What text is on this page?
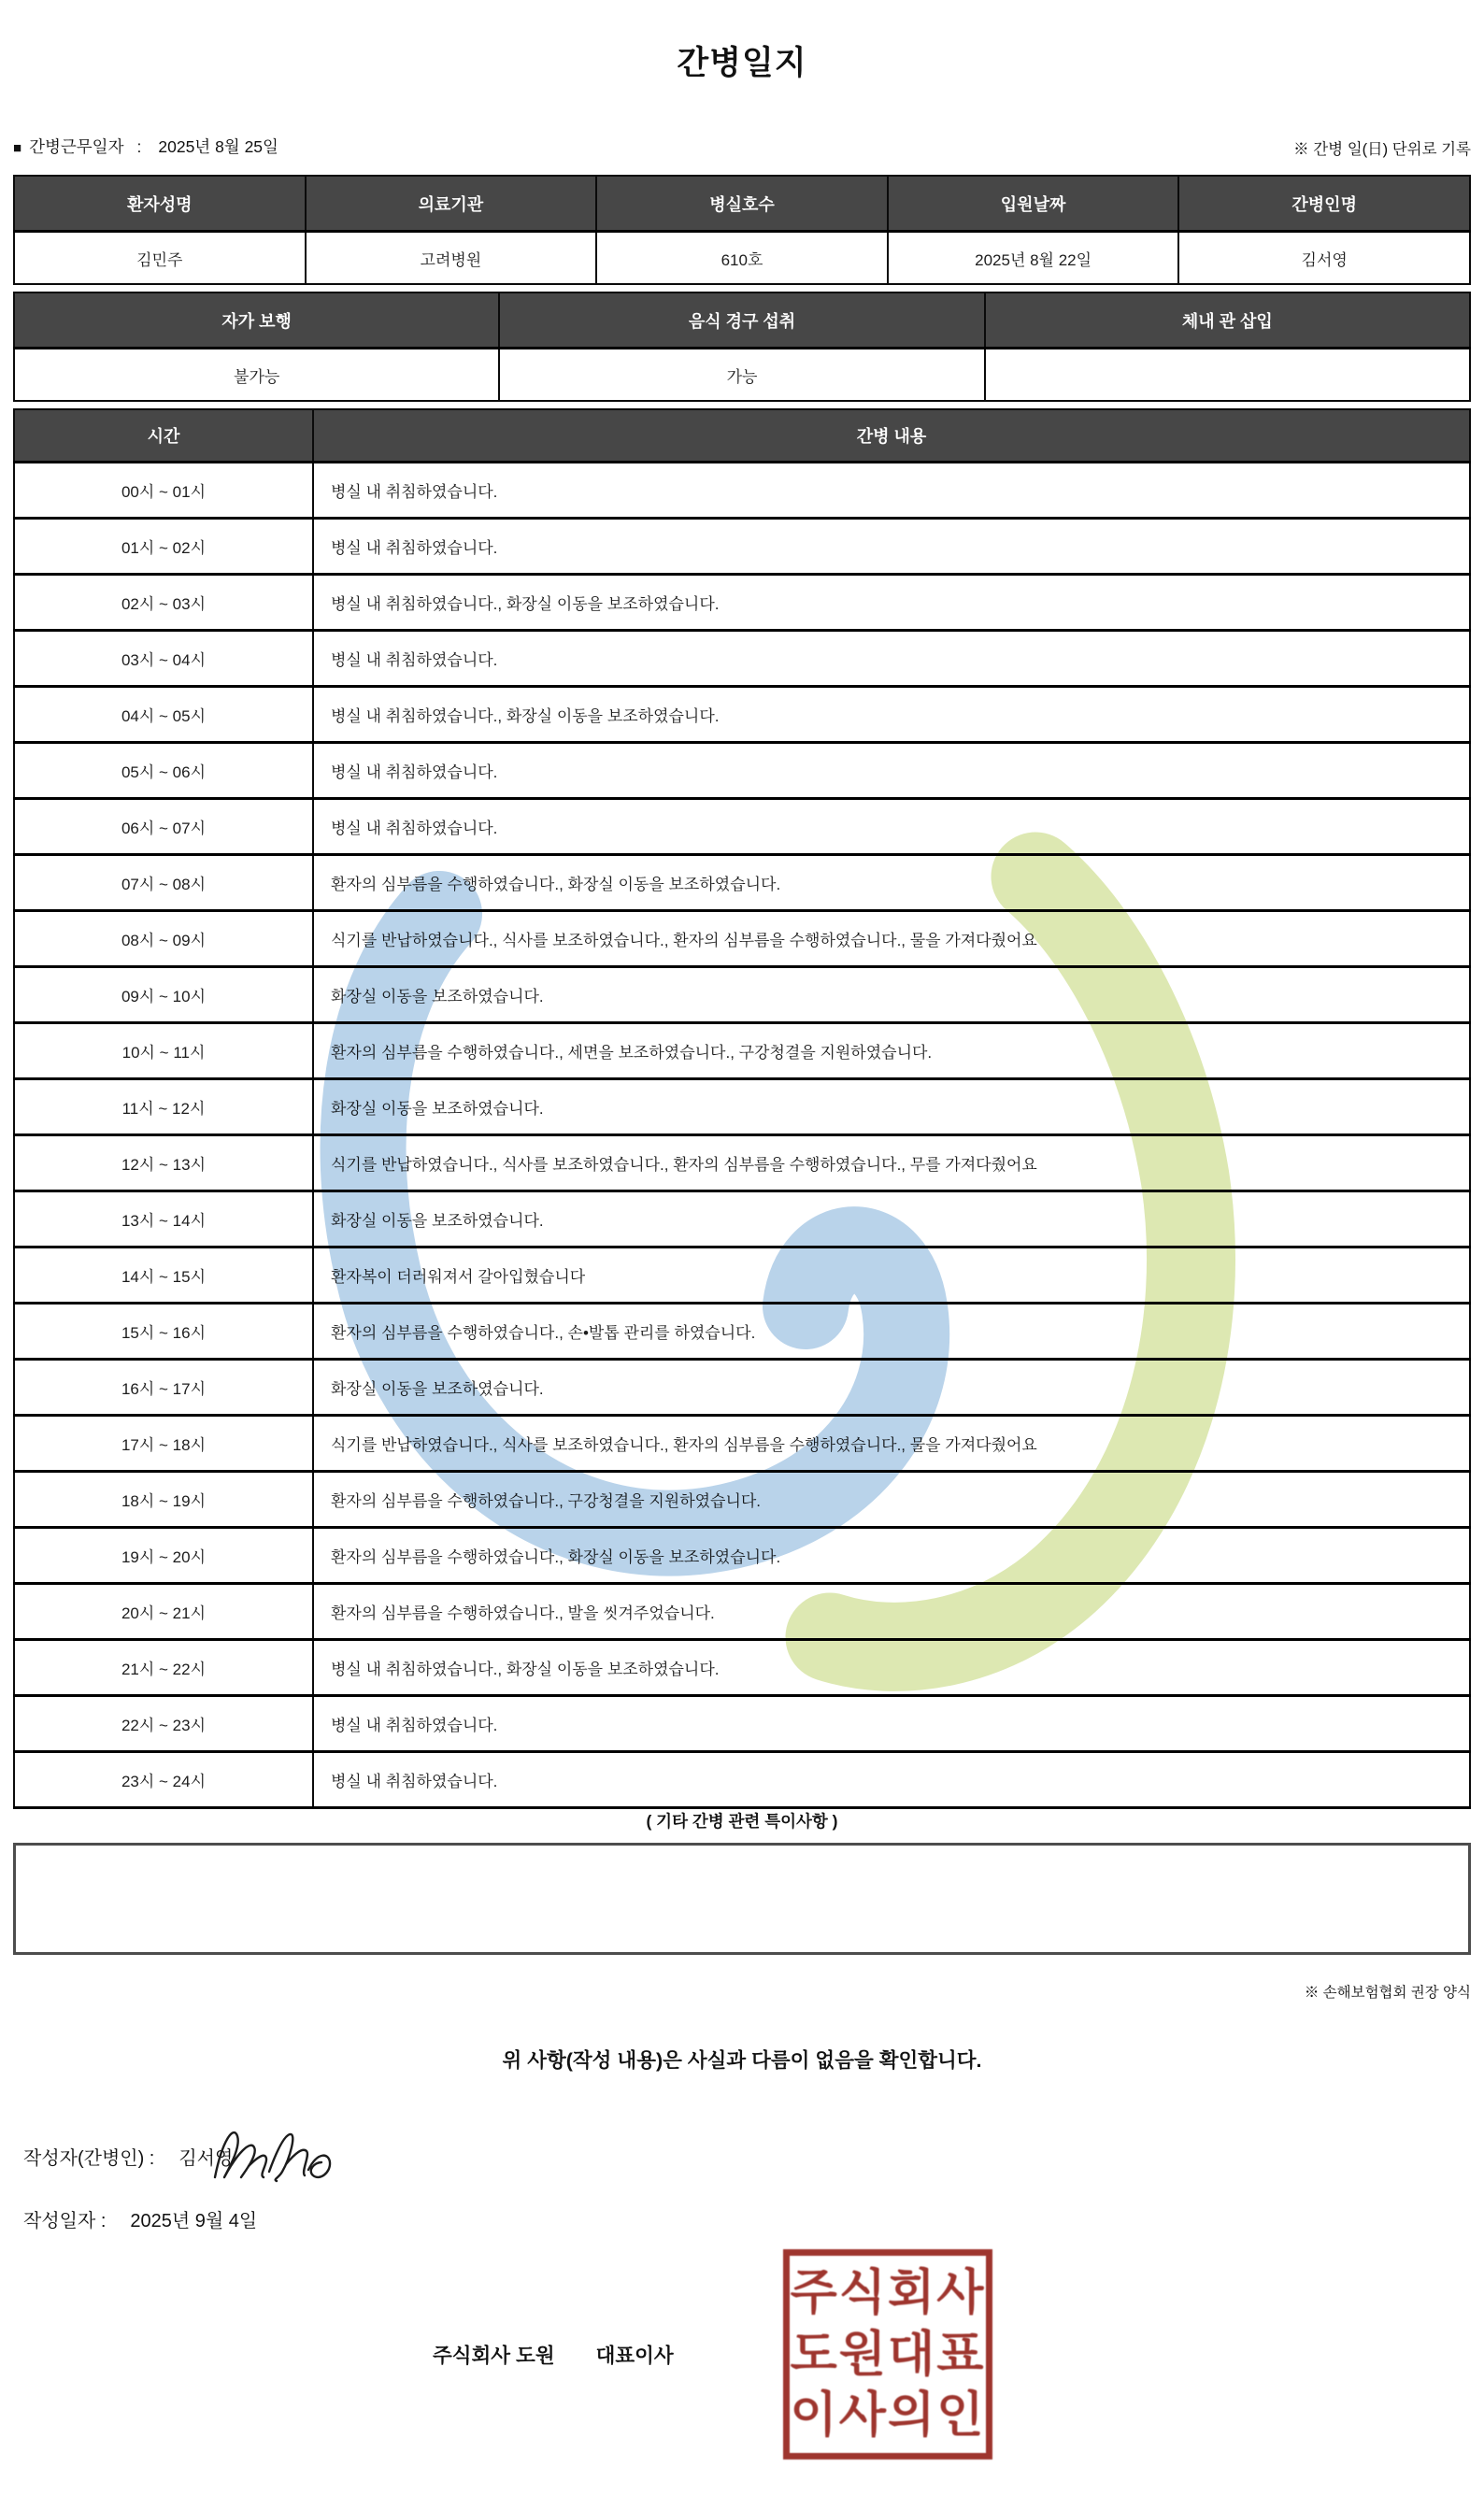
간병일지
■ 간병근무일자 : 2025년 8월 25일	※ 간병 일(日) 단위로 기록
환자성명	의료기관	병실호수	입원날짜	간병인명
김민주	고려병원	610호	2025년 8월 22일	김서영
자가 보행	음식 경구 섭취	체내 관 삽입
불가능	가능	
시간	간병 내용
00시 ~ 01시	병실 내 취침하였습니다.
01시 ~ 02시	병실 내 취침하였습니다.
02시 ~ 03시	병실 내 취침하였습니다., 화장실 이동을 보조하였습니다.
03시 ~ 04시	병실 내 취침하였습니다.
04시 ~ 05시	병실 내 취침하였습니다., 화장실 이동을 보조하였습니다.
05시 ~ 06시	병실 내 취침하였습니다.
06시 ~ 07시	병실 내 취침하였습니다.
07시 ~ 08시	환자의 심부름을 수행하였습니다., 화장실 이동을 보조하였습니다.
08시 ~ 09시	식기를 반납하였습니다., 식사를 보조하였습니다., 환자의 심부름을 수행하였습니다., 물을 가져다줬어요
09시 ~ 10시	화장실 이동을 보조하였습니다.
10시 ~ 11시	환자의 심부름을 수행하였습니다., 세면을 보조하였습니다., 구강청결을 지원하였습니다.
11시 ~ 12시	화장실 이동을 보조하였습니다.
12시 ~ 13시	식기를 반납하였습니다., 식사를 보조하였습니다., 환자의 심부름을 수행하였습니다., 무를 가져다줬어요
13시 ~ 14시	화장실 이동을 보조하였습니다.
14시 ~ 15시	환자복이 더러워져서 갈아입혔습니다
15시 ~ 16시	환자의 심부름을 수행하였습니다., 손•발톱 관리를 하였습니다.
16시 ~ 17시	화장실 이동을 보조하였습니다.
17시 ~ 18시	식기를 반납하였습니다., 식사를 보조하였습니다., 환자의 심부름을 수행하였습니다., 물을 가져다줬어요
18시 ~ 19시	환자의 심부름을 수행하였습니다., 구강청결을 지원하였습니다.
19시 ~ 20시	환자의 심부름을 수행하였습니다., 화장실 이동을 보조하였습니다.
20시 ~ 21시	환자의 심부름을 수행하였습니다., 발을 씻겨주었습니다.
21시 ~ 22시	병실 내 취침하였습니다., 화장실 이동을 보조하였습니다.
22시 ~ 23시	병실 내 취침하였습니다.
23시 ~ 24시	병실 내 취침하였습니다.
( 기타 간병 관련 특이사항 )
※ 손해보험협회 권장 양식
위 사항(작성 내용)은 사실과 다름이 없음을 확인합니다.
작성자(간병인) : 김서영
작성일자 : 2025년 9월 4일
주식회사 도원 대표이사
주식회사
도원대표
이사의인
